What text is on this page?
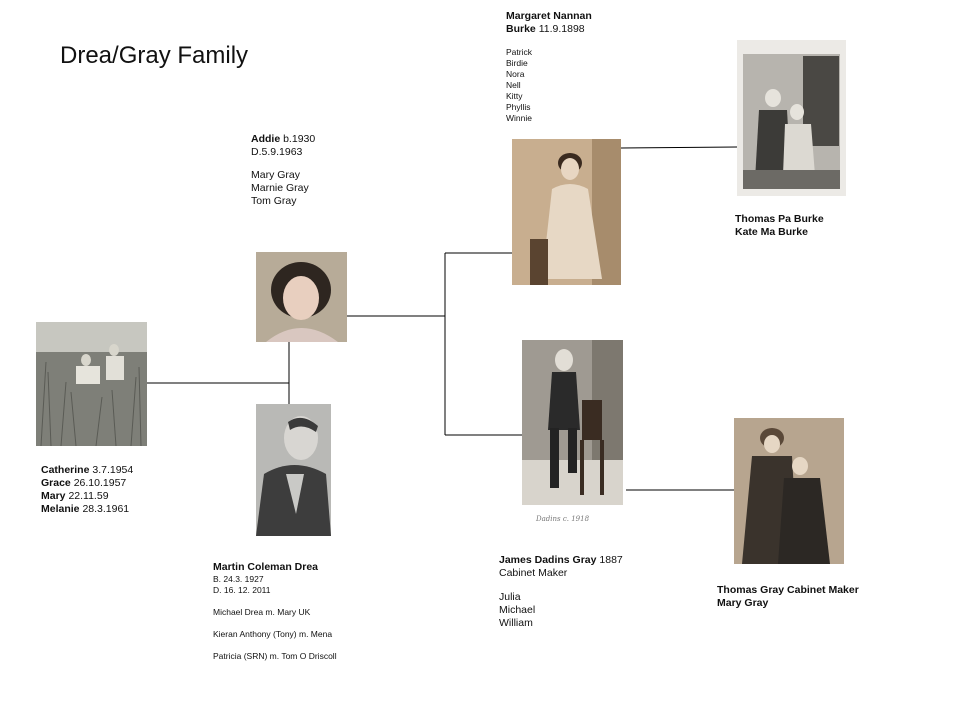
Drea/Gray Family
Dadins c. 1918
Margaret Nannan
Burke 11.9.1898
Patrick
Birdie
Nora
Nell
Kitty
Phyllis
Winnie
Addie b.1930
D.5.9.1963
Mary Gray
Marnie Gray
Tom Gray
Thomas Pa Burke
Kate Ma Burke
Catherine 3.7.1954
Grace 26.10.1957
Mary 22.11.59
Melanie 28.3.1961
Martin Coleman Drea
B. 24.3. 1927
D. 16. 12. 2011
Michael Drea m. Mary UK
Kieran Anthony (Tony) m. Mena
Patricia (SRN) m. Tom O Driscoll
James Dadins Gray 1887
Cabinet Maker
Julia
Michael
William
Thomas Gray Cabinet Maker
Mary Gray
